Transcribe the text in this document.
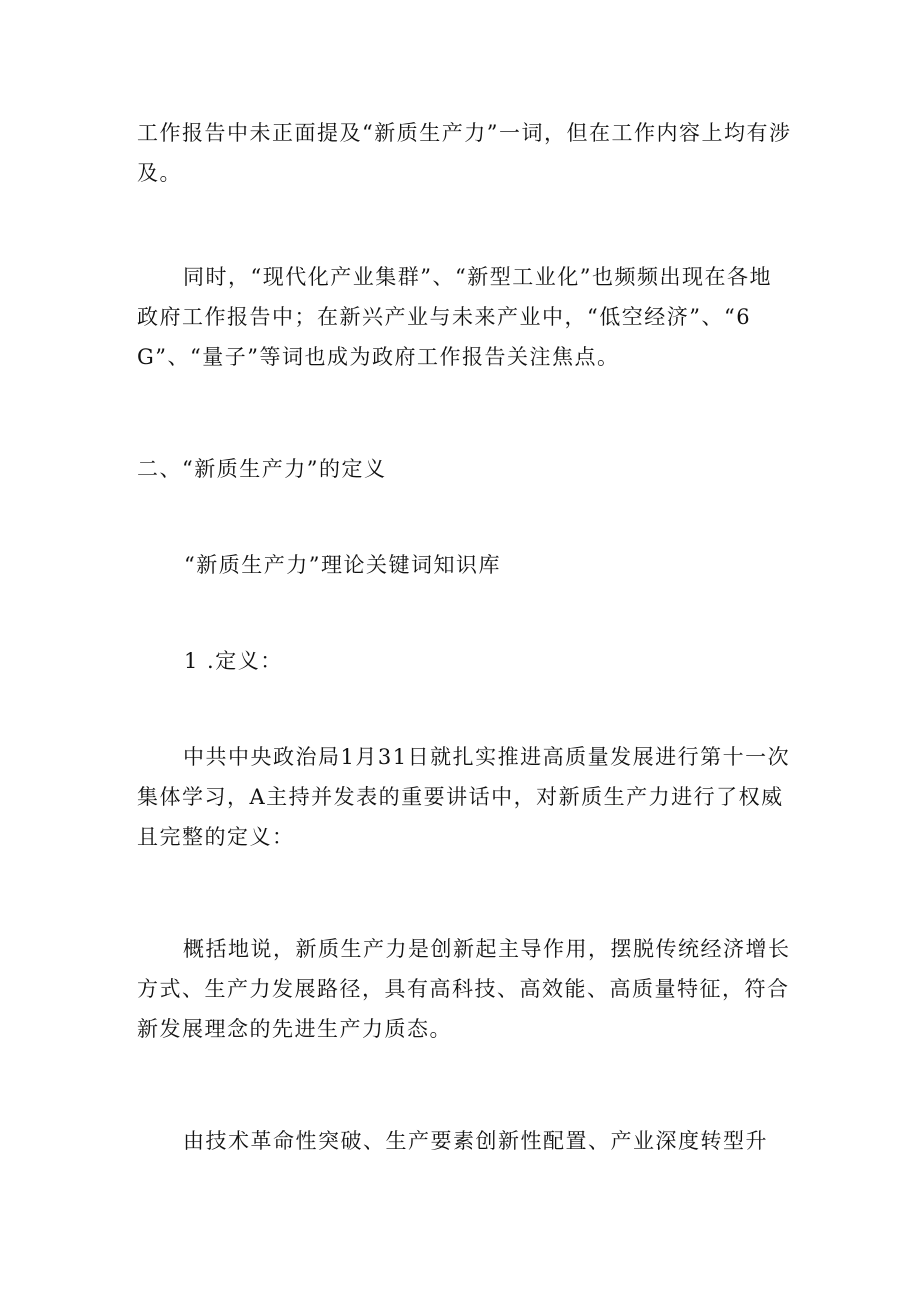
工作报告中未正面提及“新质生产力”一词，但在工作内容上均有涉及。

同时，“现代化产业集群”、“新型工业化”也频频出现在各地政府工作报告中；在新兴产业与未来产业中，“低空经济”、“6G”、“量子”等词也成为政府工作报告关注焦点。

二、“新质生产力”的定义

“新质生产力”理论关键词知识库

1 .定义：

中共中央政治局1月31日就扎实推进高质量发展进行第十一次集体学习，A主持并发表的重要讲话中，对新质生产力进行了权威且完整的定义：

概括地说，新质生产力是创新起主导作用，摆脱传统经济增长方式、生产力发展路径，具有高科技、高效能、高质量特征，符合新发展理念的先进生产力质态。

由技术革命性突破、生产要素创新性配置、产业深度转型升
